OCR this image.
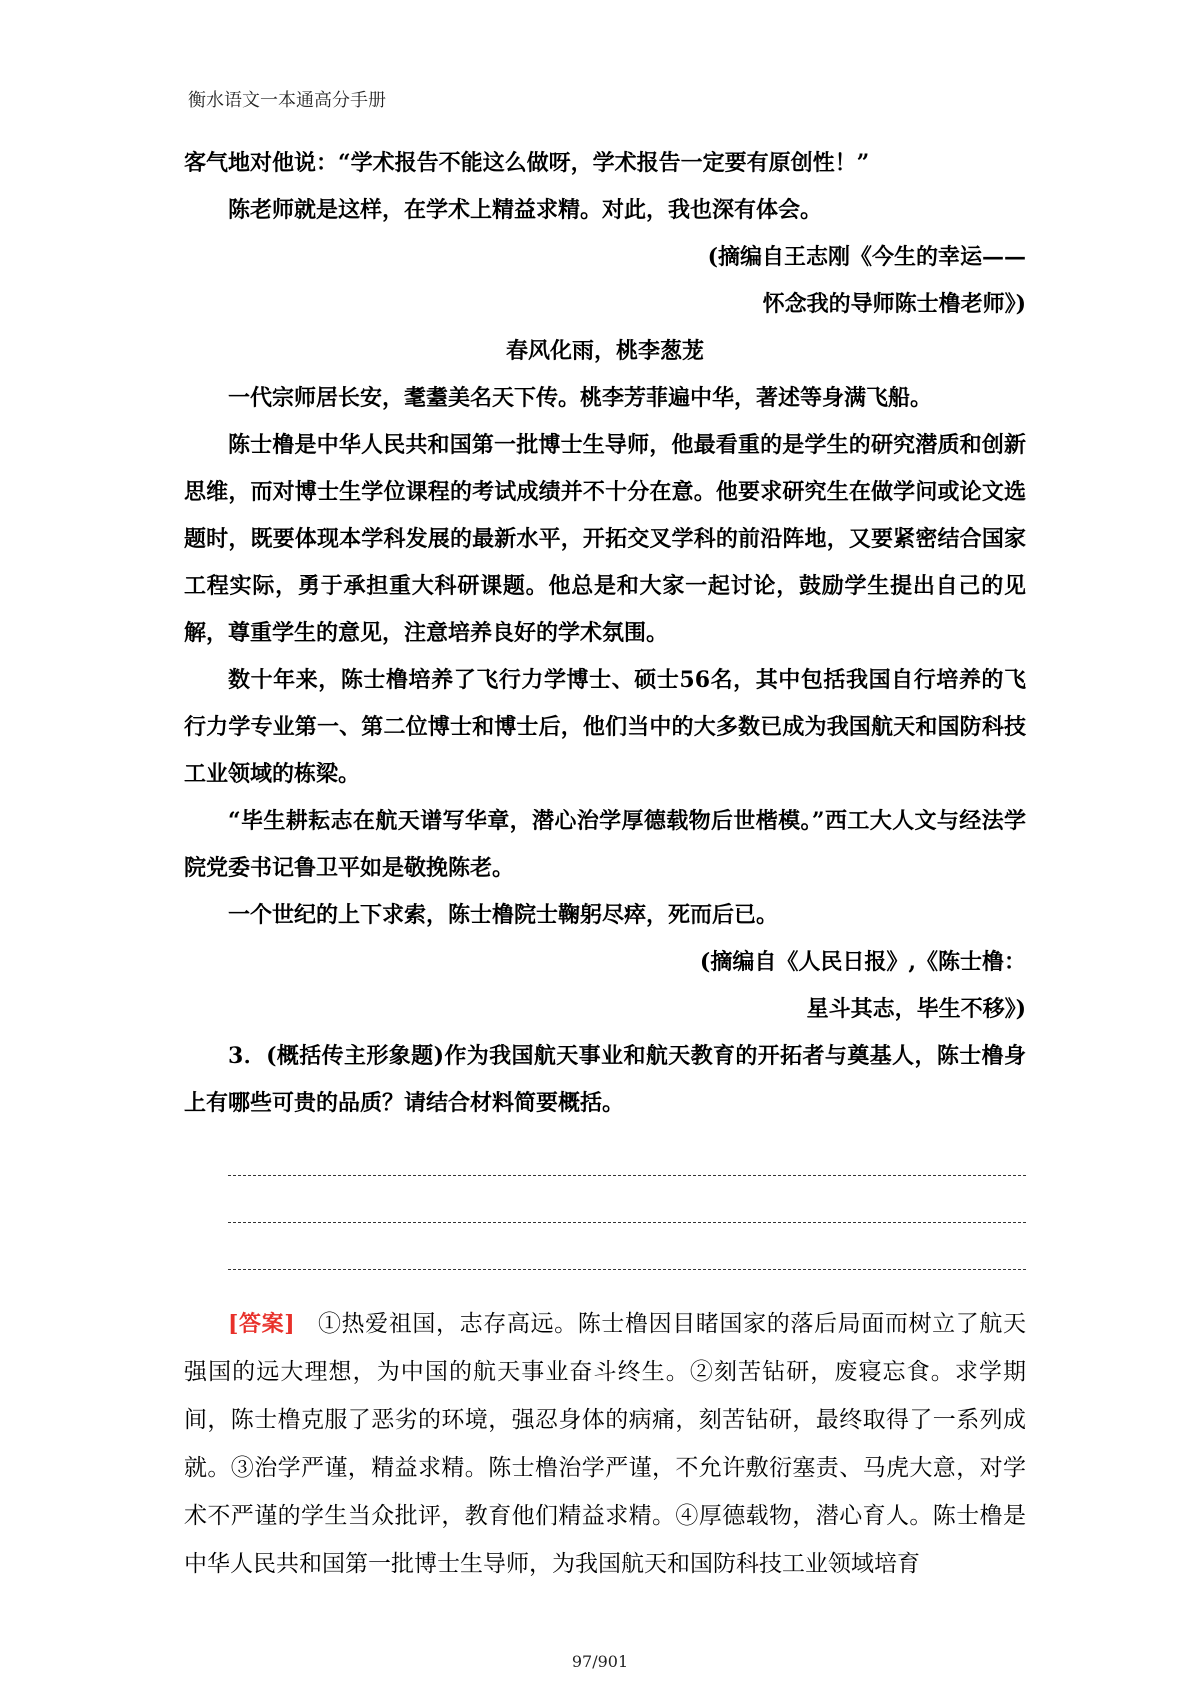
衡水语文一本通高分手册

客气地对他说：“学术报告不能这么做呀，学术报告一定要有原创性！”

陈老师就是这样，在学术上精益求精。对此，我也深有体会。

(摘编自王志刚《今生的幸运——

怀念我的导师陈士橹老师》)

春风化雨，桃李葱茏

一代宗师居长安，耄耋美名天下传。桃李芳菲遍中华，著述等身满飞船。

陈士橹是中华人民共和国第一批博士生导师，他最看重的是学生的研究潜质和创新思维，而对博士生学位课程的考试成绩并不十分在意。他要求研究生在做学问或论文选题时，既要体现本学科发展的最新水平，开拓交叉学科的前沿阵地，又要紧密结合国家工程实际，勇于承担重大科研课题。他总是和大家一起讨论，鼓励学生提出自己的见解，尊重学生的意见，注意培养良好的学术氛围。

数十年来，陈士橹培养了飞行力学博士、硕士56名，其中包括我国自行培养的飞行力学专业第一、第二位博士和博士后，他们当中的大多数已成为我国航天和国防科技工业领域的栋梁。

“毕生耕耘志在航天谱写华章，潜心治学厚德载物后世楷模。”西工大人文与经法学院党委书记鲁卫平如是敬挽陈老。

一个世纪的上下求索，陈士橹院士鞠躬尽瘁，死而后已。

(摘编自《人民日报》,《陈士橹：

星斗其志，毕生不移》)

3．(概括传主形象题)作为我国航天事业和航天教育的开拓者与奠基人，陈士橹身上有哪些可贵的品质？请结合材料简要概括。

[答案]　 ①热爱祖国，志存高远。陈士橹因目睹国家的落后局面而树立了航天强国的远大理想，为中国的航天事业奋斗终生。②刻苦钻研，废寝忘食。求学期间，陈士橹克服了恶劣的环境，强忍身体的病痛，刻苦钻研，最终取得了一系列成就。③治学严谨，精益求精。陈士橹治学严谨，不允许敷衍塞责、马虎大意，对学术不严谨的学生当众批评，教育他们精益求精。④厚德载物，潜心育人。陈士橹是中华人民共和国第一批博士生导师，为我国航天和国防科技工业领域培育

97/901
